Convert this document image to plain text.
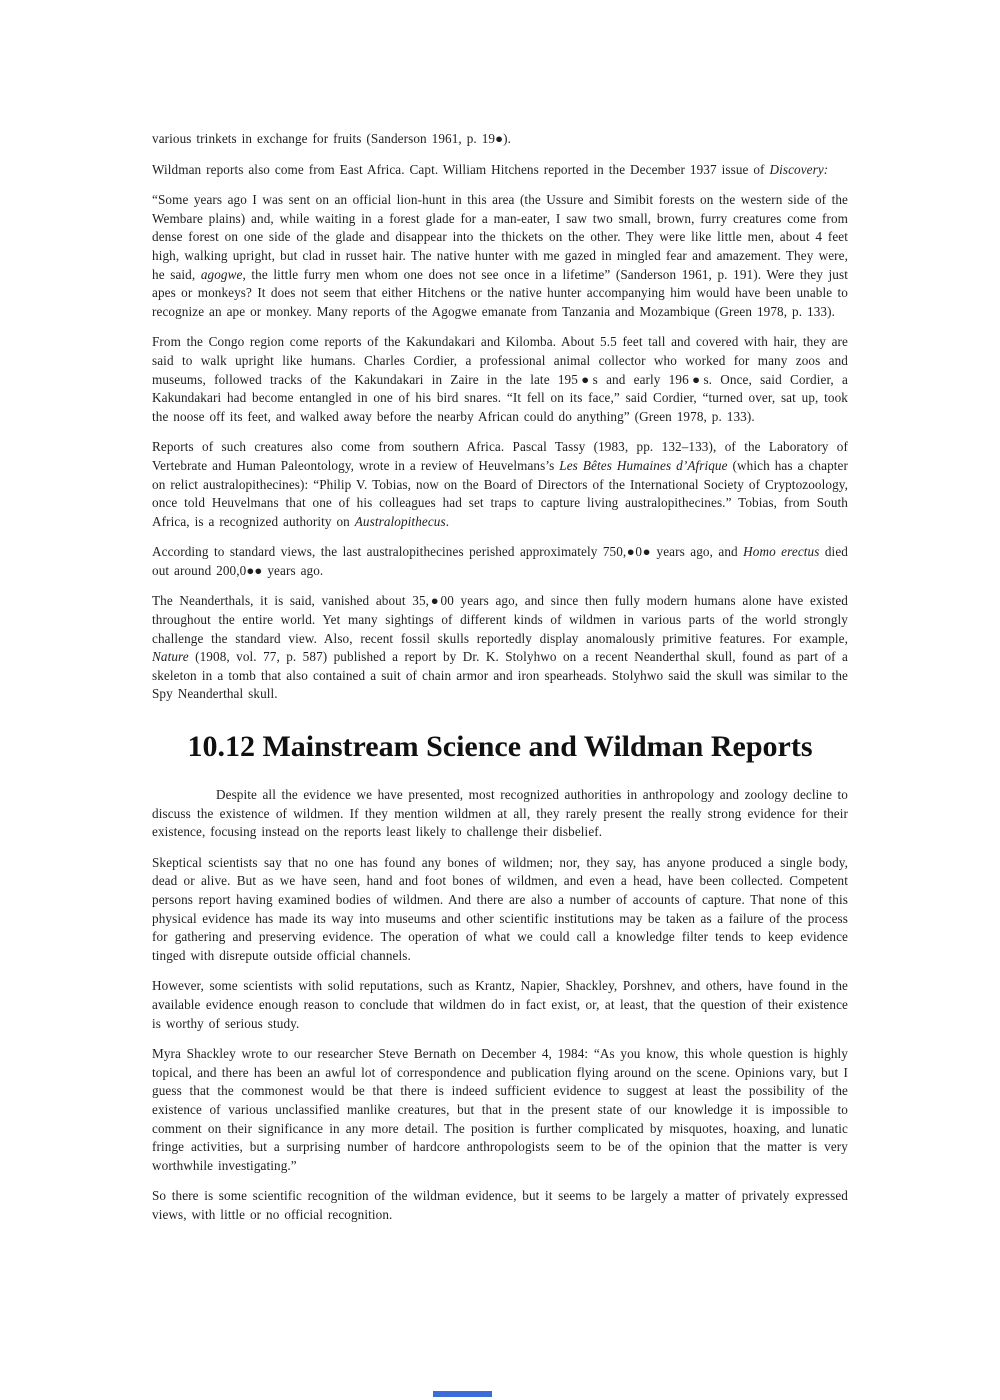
various trinkets in exchange for fruits (Sanderson 1961, p. 19●).

Wildman reports also come from East Africa. Capt. William Hitchens reported in the December 1937 issue of Discovery:

“Some years ago I was sent on an official lion-hunt in this area (the Ussure and Simibit forests on the western side of the Wembare plains) and, while waiting in a forest glade for a man-eater, I saw two small, brown, furry creatures come from dense forest on one side of the glade and disappear into the thickets on the other. They were like little men, about 4 feet high, walking upright, but clad in russet hair. The native hunter with me gazed in mingled fear and amazement. They were, he said, agogwe, the little furry men whom one does not see once in a lifetime” (Sanderson 1961, p. 191). Were they just apes or monkeys? It does not seem that either Hitchens or the native hunter accompanying him would have been unable to recognize an ape or monkey. Many reports of the Agogwe emanate from Tanzania and Mozambique (Green 1978, p. 133).

From the Congo region come reports of the Kakundakari and Kilomba. About 5.5 feet tall and covered with hair, they are said to walk upright like humans. Charles Cordier, a professional animal collector who worked for many zoos and museums, followed tracks of the Kakundakari in Zaire in the late 195●s and early 196●s. Once, said Cordier, a Kakundakari had become entangled in one of his bird snares. “It fell on its face,” said Cordier, “turned over, sat up, took the noose off its feet, and walked away before the nearby African could do anything” (Green 1978, p. 133).

Reports of such creatures also come from southern Africa. Pascal Tassy (1983, pp. 132–133), of the Laboratory of Vertebrate and Human Paleontology, wrote in a review of Heuvelmans’s Les Bêtes Humaines d’Afrique (which has a chapter on relict australopithecines): “Philip V. Tobias, now on the Board of Directors of the International Society of Cryptozoology, once told Heuvelmans that one of his colleagues had set traps to capture living australopithecines.” Tobias, from South Africa, is a recognized authority on Australopithecus.

According to standard views, the last australopithecines perished approximately 750,●0● years ago, and Homo erectus died out around 200,0●● years ago.

The Neanderthals, it is said, vanished about 35,●00 years ago, and since then fully modern humans alone have existed throughout the entire world. Yet many sightings of different kinds of wildmen in various parts of the world strongly challenge the standard view. Also, recent fossil skulls reportedly display anomalously primitive features. For example, Nature (1908, vol. 77, p. 587) published a report by Dr. K. Stolyhwo on a recent Neanderthal skull, found as part of a skeleton in a tomb that also contained a suit of chain armor and iron spearheads. Stolyhwo said the skull was similar to the Spy Neanderthal skull.

10.12 Mainstream Science and Wildman Reports

Despite all the evidence we have presented, most recognized authorities in anthropology and zoology decline to discuss the existence of wildmen. If they mention wildmen at all, they rarely present the really strong evidence for their existence, focusing instead on the reports least likely to challenge their disbelief.

Skeptical scientists say that no one has found any bones of wildmen; nor, they say, has anyone produced a single body, dead or alive. But as we have seen, hand and foot bones of wildmen, and even a head, have been collected. Competent persons report having examined bodies of wildmen. And there are also a number of accounts of capture. That none of this physical evidence has made its way into museums and other scientific institutions may be taken as a failure of the process for gathering and preserving evidence. The operation of what we could call a knowledge filter tends to keep evidence tinged with disrepute outside official channels.

However, some scientists with solid reputations, such as Krantz, Napier, Shackley, Porshnev, and others, have found in the available evidence enough reason to conclude that wildmen do in fact exist, or, at least, that the question of their existence is worthy of serious study.

Myra Shackley wrote to our researcher Steve Bernath on December 4, 1984: “As you know, this whole question is highly topical, and there has been an awful lot of correspondence and publication flying around on the scene. Opinions vary, but I guess that the commonest would be that there is indeed sufficient evidence to suggest at least the possibility of the existence of various unclassified manlike creatures, but that in the present state of our knowledge it is impossible to comment on their significance in any more detail. The position is further complicated by misquotes, hoaxing, and lunatic fringe activities, but a surprising number of hardcore anthropologists seem to be of the opinion that the matter is very worthwhile investigating.”

So there is some scientific recognition of the wildman evidence, but it seems to be largely a matter of privately expressed views, with little or no official recognition.
